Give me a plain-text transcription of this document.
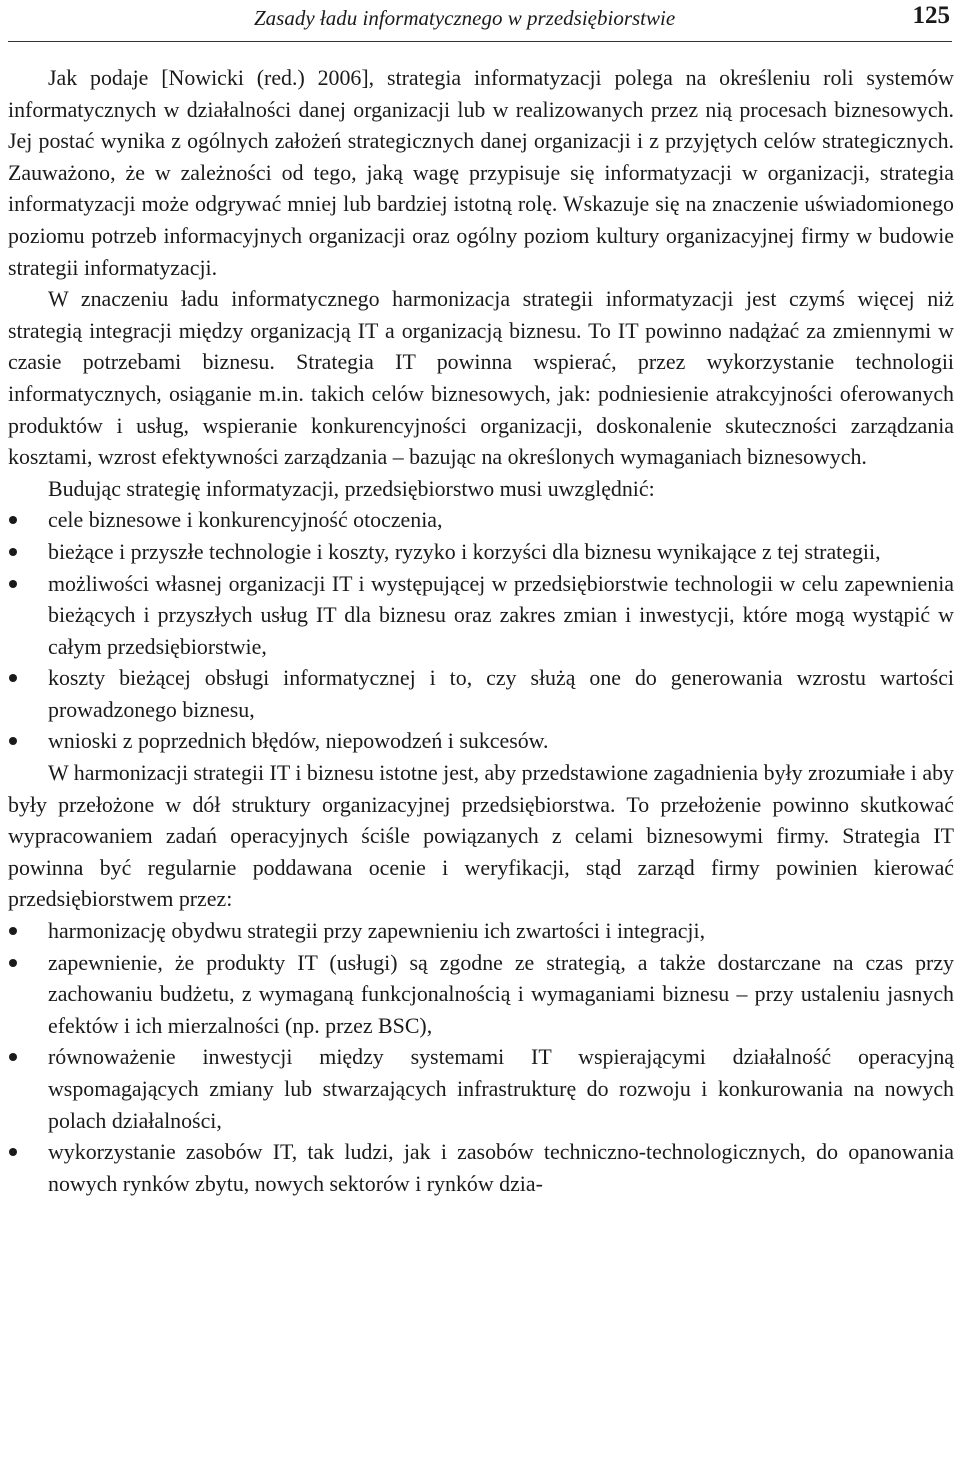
Zasady ładu informatycznego w przedsiębiorstwie	125

Jak podaje [Nowicki (red.) 2006], strategia informatyzacji polega na określeniu roli systemów informatycznych w działalności danej organizacji lub w realizowanych przez nią procesach biznesowych. Jej postać wynika z ogólnych założeń strategicznych danej organizacji i z przyjętych celów strategicznych. Zauważono, że w zależności od tego, jaką wagę przypisuje się informatyzacji w organizacji, strategia informatyzacji może odgrywać mniej lub bardziej istotną rolę. Wskazuje się na znaczenie uświadomionego poziomu potrzeb informacyjnych organizacji oraz ogólny poziom kultury organizacyjnej firmy w budowie strategii informatyzacji.

W znaczeniu ładu informatycznego harmonizacja strategii informatyzacji jest czymś więcej niż strategią integracji między organizacją IT a organizacją biznesu. To IT powinno nadążać za zmiennymi w czasie potrzebami biznesu. Strategia IT powinna wspierać, przez wykorzystanie technologii informatycznych, osiąganie m.in. takich celów biznesowych, jak: podniesienie atrakcyjności oferowanych produktów i usług, wspieranie konkurencyjności organizacji, doskonalenie skuteczności zarządzania kosztami, wzrost efektywności zarządzania – bazując na określonych wymaganiach biznesowych.

Budując strategię informatyzacji, przedsiębiorstwo musi uwzględnić:

cele biznesowe i konkurencyjność otoczenia,
bieżące i przyszłe technologie i koszty, ryzyko i korzyści dla biznesu wynikające z tej strategii,
możliwości własnej organizacji IT i występującej w przedsiębiorstwie technologii w celu zapewnienia bieżących i przyszłych usług IT dla biznesu oraz zakres zmian i inwestycji, które mogą wystąpić w całym przedsiębiorstwie,
koszty bieżącej obsługi informatycznej i to, czy służą one do generowania wzrostu wartości prowadzonego biznesu,
wnioski z poprzednich błędów, niepowodzeń i sukcesów.

W harmonizacji strategii IT i biznesu istotne jest, aby przedstawione zagadnienia były zrozumiałe i aby były przełożone w dół struktury organizacyjnej przedsiębiorstwa. To przełożenie powinno skutkować wypracowaniem zadań operacyjnych ściśle powiązanych z celami biznesowymi firmy. Strategia IT powinna być regularnie poddawana ocenie i weryfikacji, stąd zarząd firmy powinien kierować przedsiębiorstwem przez:

harmonizację obydwu strategii przy zapewnieniu ich zwartości i integracji,
zapewnienie, że produkty IT (usługi) są zgodne ze strategią, a także dostarczane na czas przy zachowaniu budżetu, z wymaganą funkcjonalnością i wymaganiami biznesu – przy ustaleniu jasnych efektów i ich mierzalności (np. przez BSC),
równoważenie inwestycji między systemami IT wspierającymi działalność operacyjną wspomagających zmiany lub stwarzających infrastrukturę do rozwoju i konkurowania na nowych polach działalności,
wykorzystanie zasobów IT, tak ludzi, jak i zasobów techniczno-technologicznych, do opanowania nowych rynków zbytu, nowych sektorów i rynków dzia-
